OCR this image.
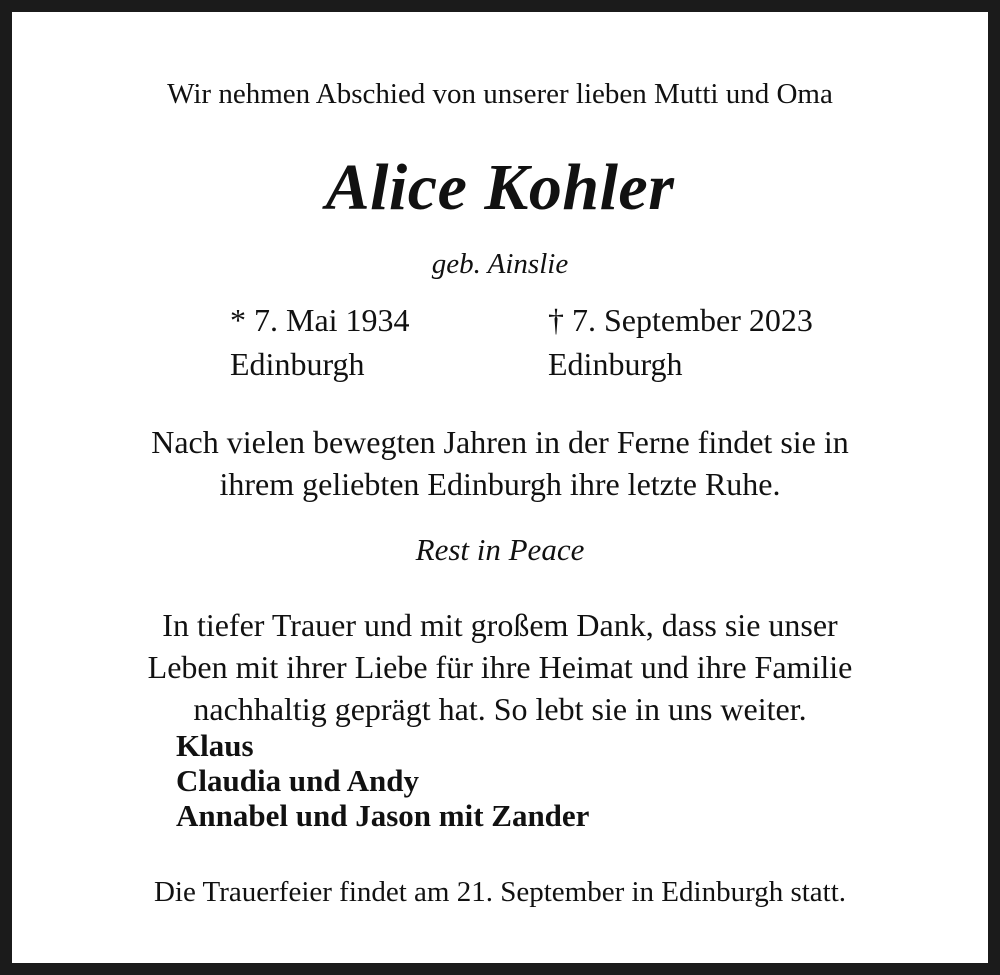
Wir nehmen Abschied von unserer lieben Mutti und Oma
Alice Kohler
geb. Ainslie
* 7. Mai 1934
Edinburgh
† 7. September 2023
Edinburgh
Nach vielen bewegten Jahren in der Ferne findet sie in
ihrem geliebten Edinburgh ihre letzte Ruhe.
Rest in Peace
In tiefer Trauer und mit großem Dank, dass sie unser
Leben mit ihrer Liebe für ihre Heimat und ihre Familie
nachhaltig geprägt hat. So lebt sie in uns weiter.
Klaus
Claudia und Andy
Annabel und Jason mit Zander
Die Trauerfeier findet am 21. September in Edinburgh statt.
